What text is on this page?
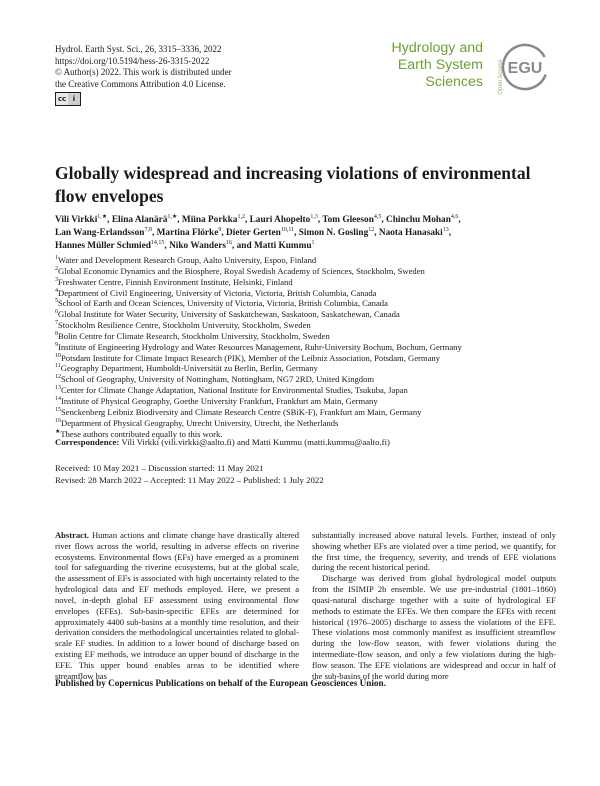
Hydrol. Earth Syst. Sci., 26, 3315–3336, 2022
https://doi.org/10.5194/hess-26-3315-2022
© Author(s) 2022. This work is distributed under
the Creative Commons Attribution 4.0 License.
cc i
Hydrology and
Earth System
Sciences	Open Access EGU
Globally widespread and increasing violations of environmental
flow envelopes
Vili Virkki$^{1,★}$, Elina Alanärä$^{1,★}$, Miina Porkka$^{1,2}$, Lauri Ahopelto$^{1,3}$, Tom Gleeson$^{4,5}$, Chinchu Mohan$^{4,6}$, Lan Wang-Erlandsson$^{7,8}$, Martina Flörke$^9$, Dieter Gerten$^{10,11}$, Simon N. Gosling$^{12}$, Naota Hanasaki$^{13}$, Hannes Müller Schmied$^{14,15}$, Niko Wanders$^{16}$, and Matti Kummu$^1$
$^1$Water and Development Research Group, Aalto University, Espoo, Finland
$^2$Global Economic Dynamics and the Biosphere, Royal Swedish Academy of Sciences, Stockholm, Sweden
$^3$Freshwater Centre, Finnish Environment Institute, Helsinki, Finland
$^4$Department of Civil Engineering, University of Victoria, Victoria, British Columbia, Canada
$^5$School of Earth and Ocean Sciences, University of Victoria, Victoria, British Columbia, Canada
$^6$Global Institute for Water Security, University of Saskatchewan, Saskatoon, Saskatchewan, Canada
$^7$Stockholm Resilience Centre, Stockholm University, Stockholm, Sweden
$^8$Bolin Centre for Climate Research, Stockholm University, Stockholm, Sweden
$^9$Institute of Engineering Hydrology and Water Resources Management, Ruhr-University Bochum, Bochum, Germany
$^{10}$Potsdam Institute for Climate Impact Research (PIK), Member of the Leibniz Association, Potsdam, Germany
$^{11}$Geography Department, Humboldt-Universität zu Berlin, Berlin, Germany
$^{12}$School of Geography, University of Nottingham, Nottingham, NG7 2RD, United Kingdom
$^{13}$Center for Climate Change Adaptation, National Institute for Environmental Studies, Tsukuba, Japan
$^{14}$Institute of Physical Geography, Goethe University Frankfurt, Frankfurt am Main, Germany
$^{15}$Senckenberg Leibniz Biodiversity and Climate Research Centre (SBiK-F), Frankfurt am Main, Germany
$^{16}$Department of Physical Geography, Utrecht University, Utrecht, the Netherlands
★These authors contributed equally to this work.
Correspondence: Vili Virkki (vili.virkki@aalto.fi) and Matti Kummu (matti.kummu@aalto.fi)
Received: 10 May 2021 – Discussion started: 11 May 2021
Revised: 28 March 2022 – Accepted: 11 May 2022 – Published: 1 July 2022

Abstract. Human actions and climate change have drastically altered river flows across the world, resulting in adverse effects on riverine ecosystems. Environmental flows (EFs) have emerged as a prominent tool for safeguarding the riverine ecosystems, but at the global scale, the assessment of EFs is associated with high uncertainty related to the hydrological data and EF methods employed. Here, we present a novel, in-depth global EF assessment using environmental flow envelopes (EFEs). Sub-basin-specific EFEs are determined for approximately 4400 sub-basins at a monthly time resolution, and their derivation considers the methodological uncertainties related to global-scale EF studies. In addition to a lower bound of discharge based on existing EF methods, we introduce an upper bound of discharge in the EFE. This upper bound enables areas to be identified where streamflow has

substantially increased above natural levels. Further, instead of only showing whether EFs are violated over a time period, we quantify, for the first time, the frequency, severity, and trends of EFE violations during the recent historical period.

Discharge was derived from global hydrological model outputs from the ISIMIP 2b ensemble. We use pre-industrial (1801–1860) quasi-natural discharge together with a suite of hydrological EF methods to estimate the EFEs. We then compare the EFEs with recent historical (1976–2005) discharge to assess the violations of the EFE. These violations most commonly manifest as insufficient streamflow during the low-flow season, with fewer violations during the intermediate-flow season, and only a few violations during the high-flow season. The EFE violations are widespread and occur in half of the sub-basins of the world during more

Published by Copernicus Publications on behalf of the European Geosciences Union.
